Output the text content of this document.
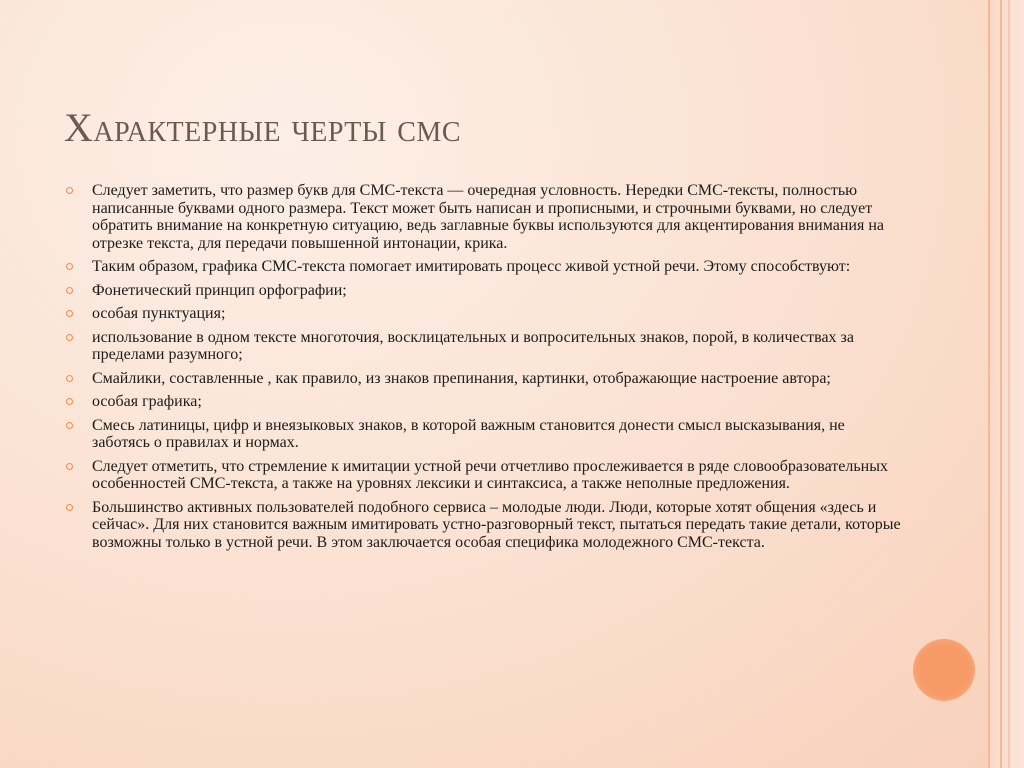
Характерные черты смс
Следует заметить, что размер букв для СМС-текста — очередная условность. Нередки СМС-тексты, полностью написанные буквами одного размера. Текст может быть написан и прописными, и строчными буквами, но следует обратить внимание на конкретную ситуацию, ведь заглавные буквы используются для акцентирования внимания на отрезке текста, для передачи повышенной интонации, крика.
Таким образом, графика СМС-текста помогает имитировать процесс живой устной речи. Этому способствуют:
Фонетический принцип орфографии;
особая пунктуация;
использование в одном тексте многоточия, восклицательных и вопросительных знаков, порой, в количествах за пределами разумного;
Смайлики, составленные , как правило, из знаков препинания, картинки, отображающие настроение автора;
особая графика;
Смесь латиницы, цифр и внеязыковых знаков, в которой важным становится донести смысл высказывания, не заботясь о правилах и нормах.
Следует отметить, что стремление к имитации устной речи отчетливо прослеживается в ряде словообразовательных особенностей СМС-текста, а также на уровнях лексики и синтаксиса, а также неполные предложения.
Большинство активных пользователей подобного сервиса – молодые люди. Люди, которые хотят общения «здесь и сейчас». Для них становится важным имитировать устно-разговорный текст, пытаться передать такие детали, которые возможны только в устной речи. В этом заключается особая специфика молодежного СМС-текста.
